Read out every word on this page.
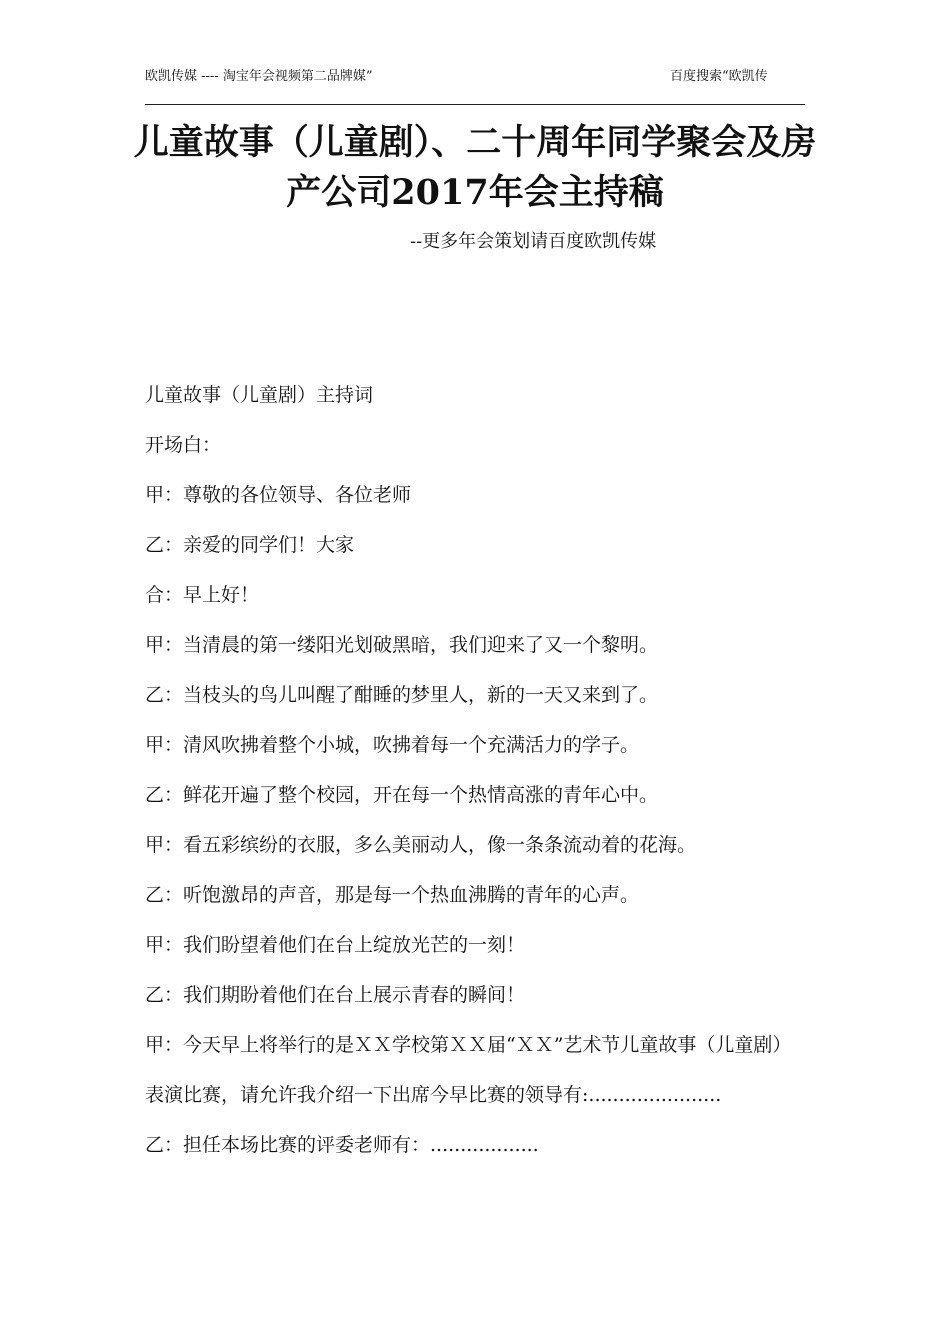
欧凯传媒 ---- 淘宝年会视频第二品牌媒”	百度搜索“欧凯传
儿童故事（儿童剧）、二十周年同学聚会及房产公司2017年会主持稿
--更多年会策划请百度欧凯传媒

儿童故事（儿童剧）主持词

开场白：

甲：尊敬的各位领导、各位老师

乙：亲爱的同学们！大家

合：早上好！

甲：当清晨的第一缕阳光划破黑暗，我们迎来了又一个黎明。

乙：当枝头的鸟儿叫醒了酣睡的梦里人，新的一天又来到了。

甲：清风吹拂着整个小城，吹拂着每一个充满活力的学子。

乙：鲜花开遍了整个校园，开在每一个热情高涨的青年心中。

甲：看五彩缤纷的衣服，多么美丽动人，像一条条流动着的花海。

乙：听饱激昂的声音，那是每一个热血沸腾的青年的心声。

甲：我们盼望着他们在台上绽放光芒的一刻！

乙：我们期盼着他们在台上展示青春的瞬间！

甲：今天早上将举行的是ＸＸ学校第ＸＸ届“ＸＸ”艺术节儿童故事（儿童剧）表演比赛，请允许我介绍一下出席今早比赛的领导有:......................

乙：担任本场比赛的评委老师有：..................
